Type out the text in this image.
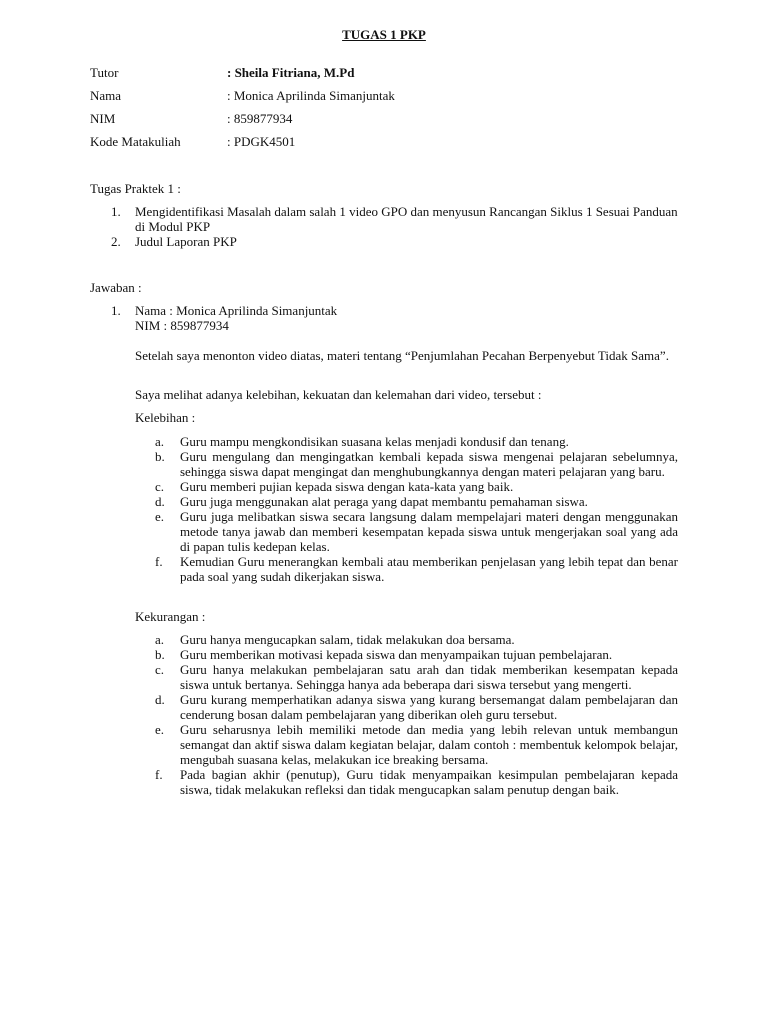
TUGAS 1 PKP
Tutor	: Sheila Fitriana, M.Pd
Nama	: Monica Aprilinda Simanjuntak
NIM	: 859877934
Kode Matakuliah	: PDGK4501
Tugas Praktek 1 :
1.	Mengidentifikasi Masalah dalam salah 1 video GPO dan menyusun Rancangan Siklus 1 Sesuai Panduan di Modul PKP
2.	Judul Laporan PKP
Jawaban :
1.	Nama : Monica Aprilinda Simanjuntak
NIM : 859877934
Setelah saya menonton video diatas, materi tentang “Penjumlahan Pecahan Berpenyebut Tidak Sama”.
Saya melihat adanya kelebihan, kekuatan dan kelemahan dari video, tersebut :
Kelebihan :
a.	Guru mampu mengkondisikan suasana kelas menjadi kondusif dan tenang.
b.	Guru mengulang dan mengingatkan kembali kepada siswa mengenai pelajaran sebelumnya, sehingga siswa dapat mengingat dan menghubungkannya dengan materi pelajaran yang baru.
c.	Guru memberi pujian kepada siswa dengan kata-kata yang baik.
d.	Guru juga menggunakan alat peraga yang dapat membantu pemahaman siswa.
e.	Guru juga melibatkan siswa secara langsung dalam mempelajari materi dengan menggunakan metode tanya jawab dan memberi kesempatan kepada siswa untuk mengerjakan soal yang ada di papan tulis kedepan kelas.
f.	Kemudian Guru menerangkan kembali atau memberikan penjelasan yang lebih tepat dan benar pada soal yang sudah dikerjakan siswa.
Kekurangan :
a.	Guru hanya mengucapkan salam, tidak melakukan doa bersama.
b.	Guru memberikan motivasi kepada siswa dan menyampaikan tujuan pembelajaran.
c.	Guru hanya melakukan pembelajaran satu arah dan tidak memberikan kesempatan kepada siswa untuk bertanya. Sehingga hanya ada beberapa dari siswa tersebut yang mengerti.
d.	Guru kurang memperhatikan adanya siswa yang kurang bersemangat dalam pembelajaran dan cenderung bosan dalam pembelajaran yang diberikan oleh guru tersebut.
e.	Guru seharusnya lebih memiliki metode dan media yang lebih relevan untuk membangun semangat dan aktif siswa dalam kegiatan belajar, dalam contoh : membentuk kelompok belajar, mengubah suasana kelas, melakukan ice breaking bersama.
f.	Pada bagian akhir (penutup), Guru tidak menyampaikan kesimpulan pembelajaran kepada siswa, tidak melakukan refleksi dan tidak mengucapkan salam penutup dengan baik.
